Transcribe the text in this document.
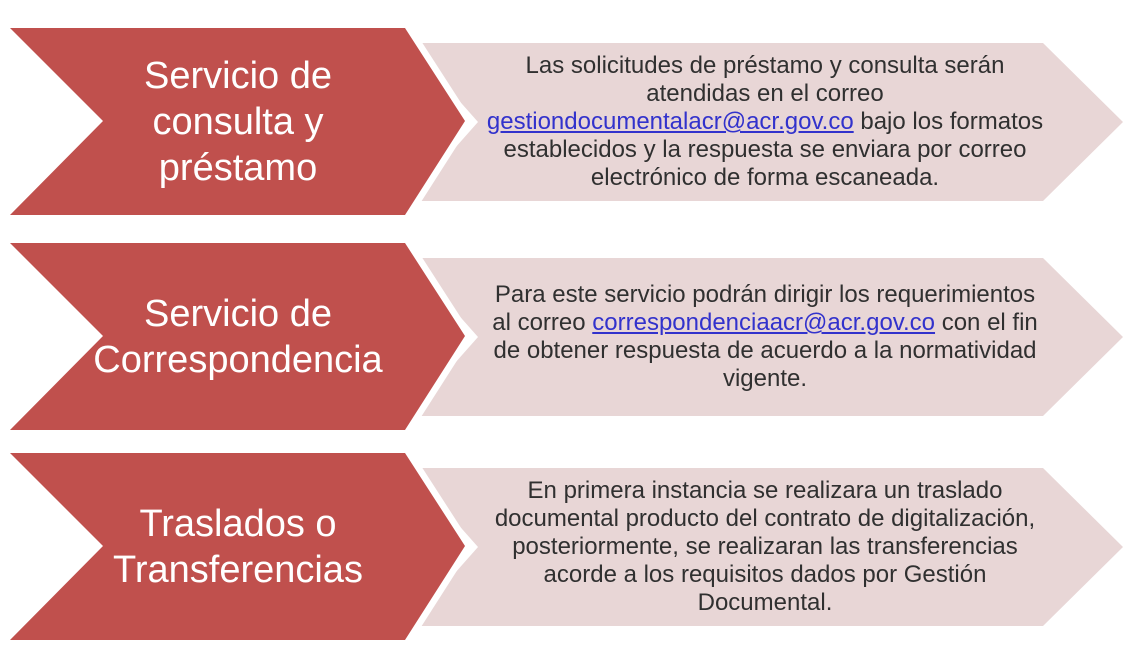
Servicio de consulta y préstamo
Las solicitudes de préstamo y consulta serán atendidas en el correo gestiondocumentalacr@acr.gov.co bajo los formatos establecidos y la respuesta se enviara por correo electrónico de forma escaneada.
Servicio de Correspondencia
Para este servicio podrán dirigir los requerimientos al correo correspondenciaacr@acr.gov.co con el fin de obtener respuesta de acuerdo a la normatividad vigente.
Traslados o Transferencias
En primera instancia se realizara un traslado documental producto del contrato de digitalización, posteriormente, se realizaran las transferencias acorde a los requisitos dados por Gestión Documental.
